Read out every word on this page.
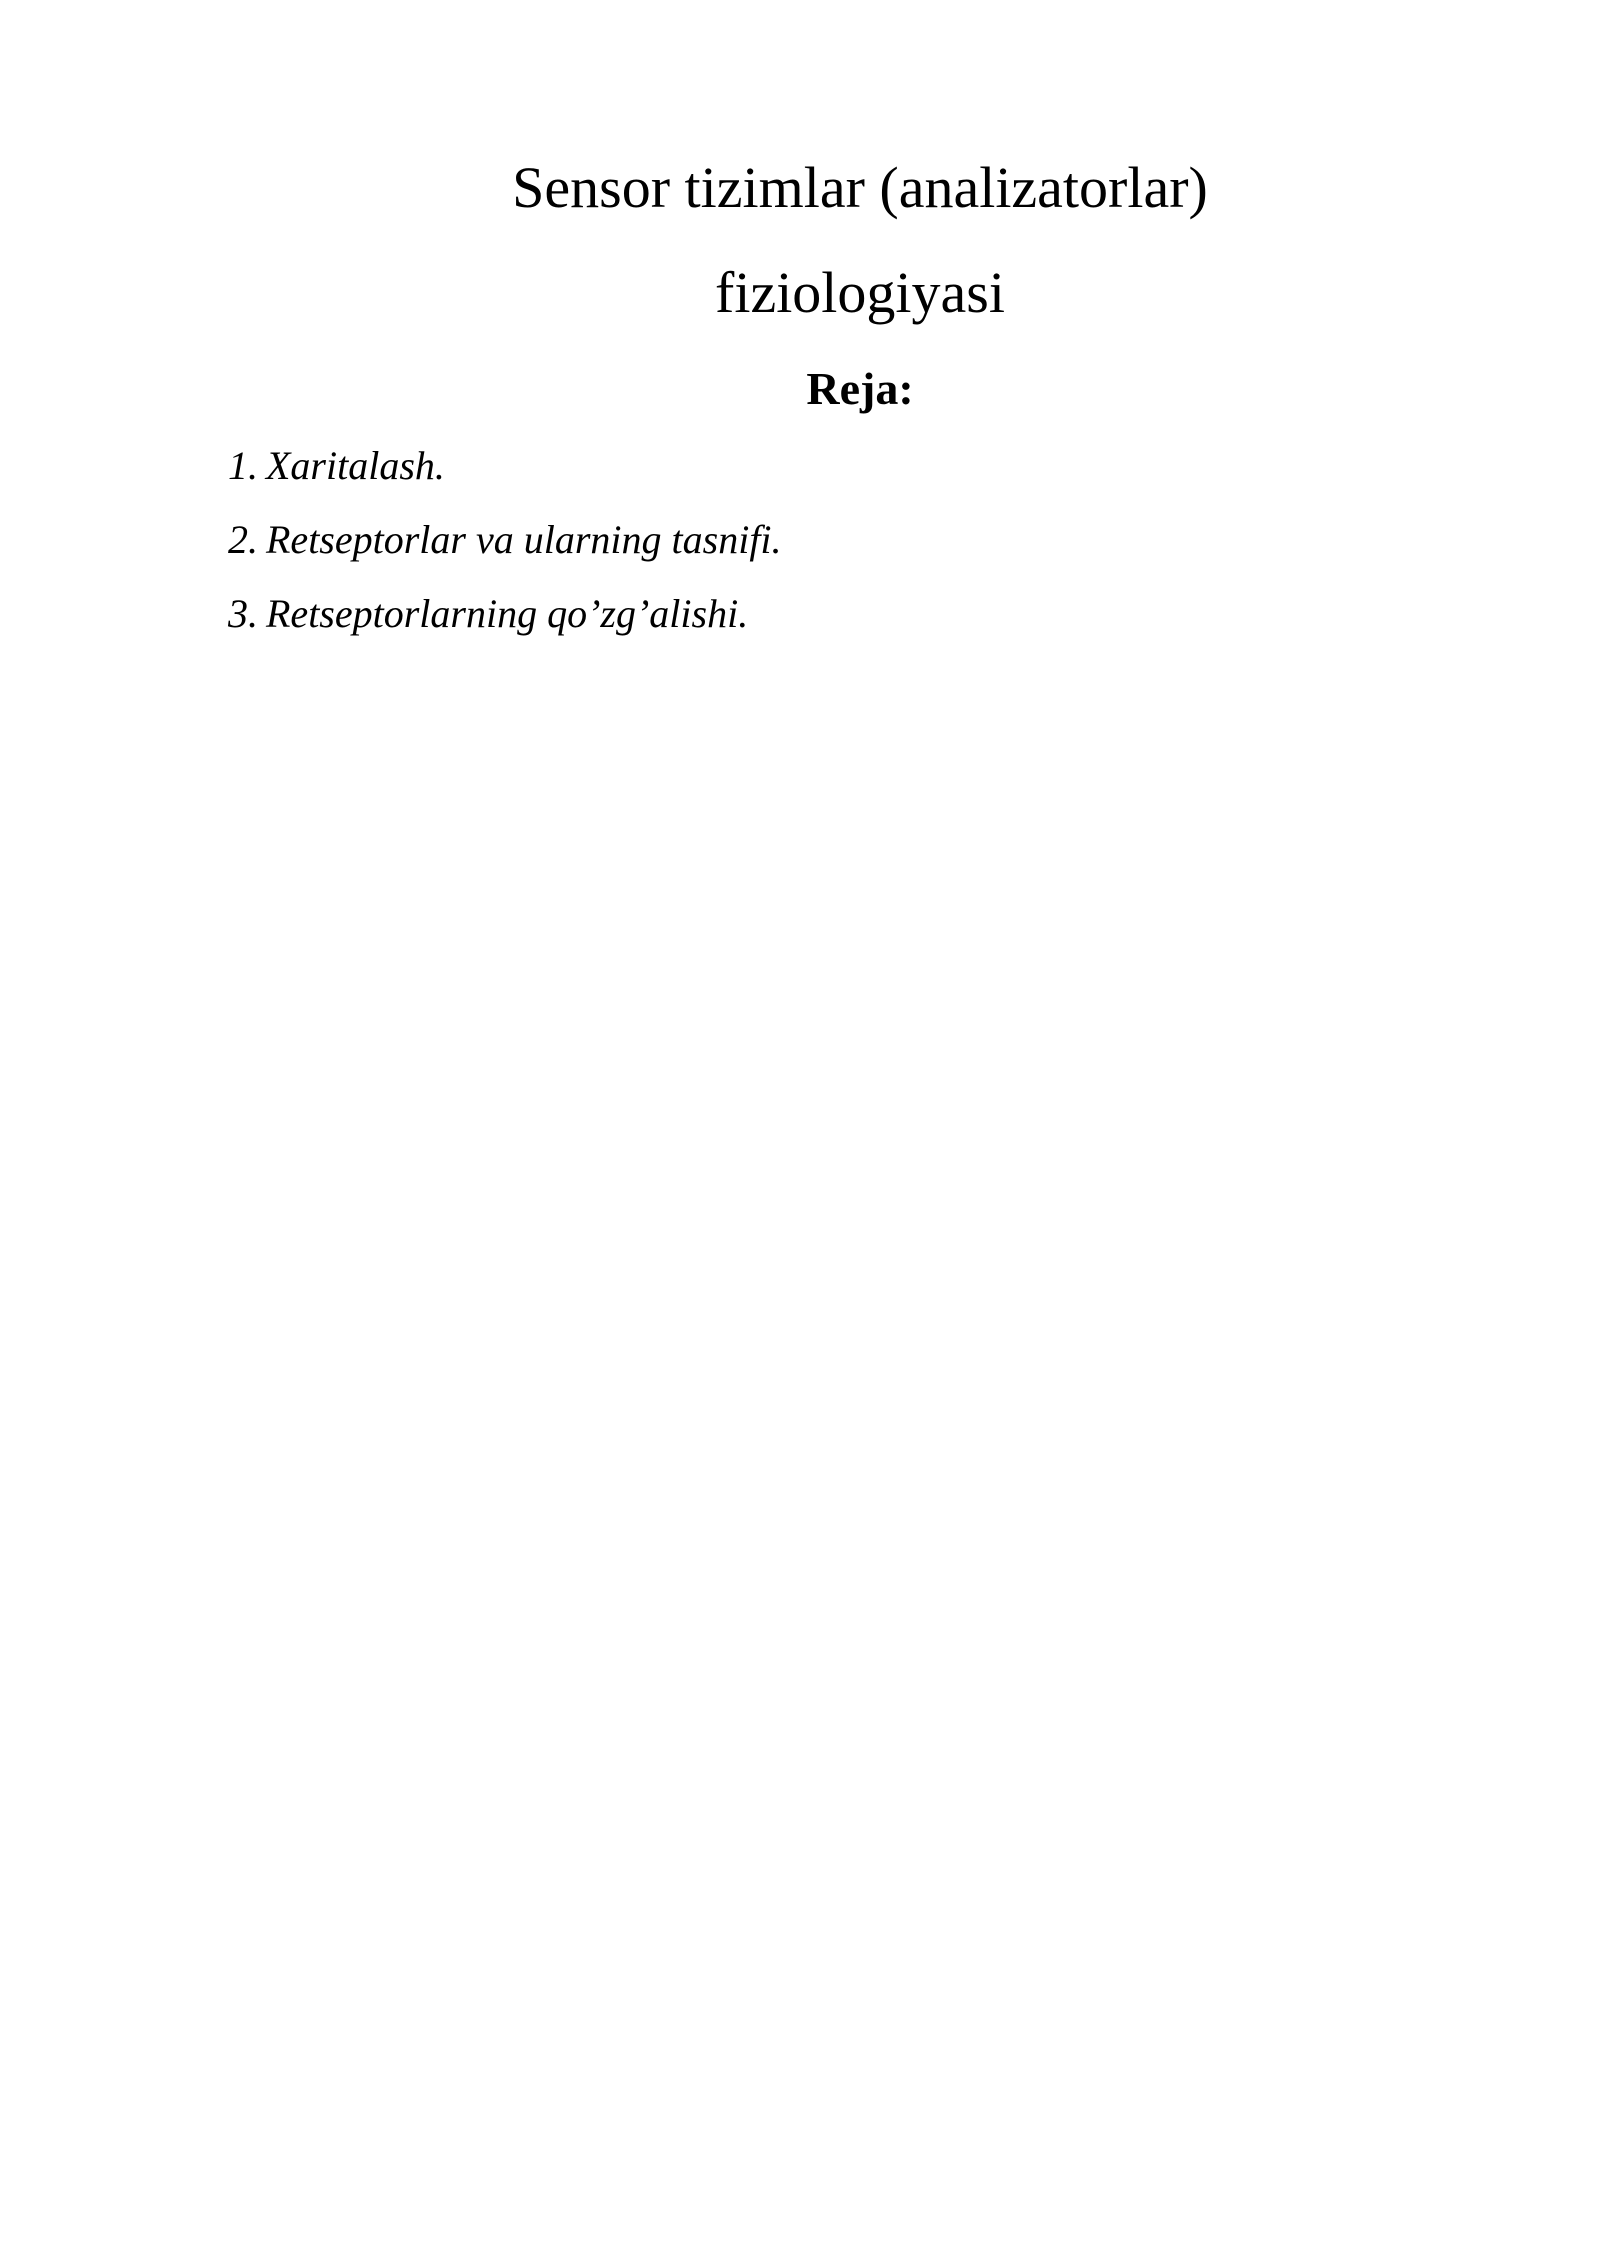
Sensor tizimlar (analizatorlar)
fiziologiyasi
Reja:
1. Xaritalash.
2. Retseptorlar va ularning tasnifi.
3. Retseptorlarning qo’zg’alishi.
